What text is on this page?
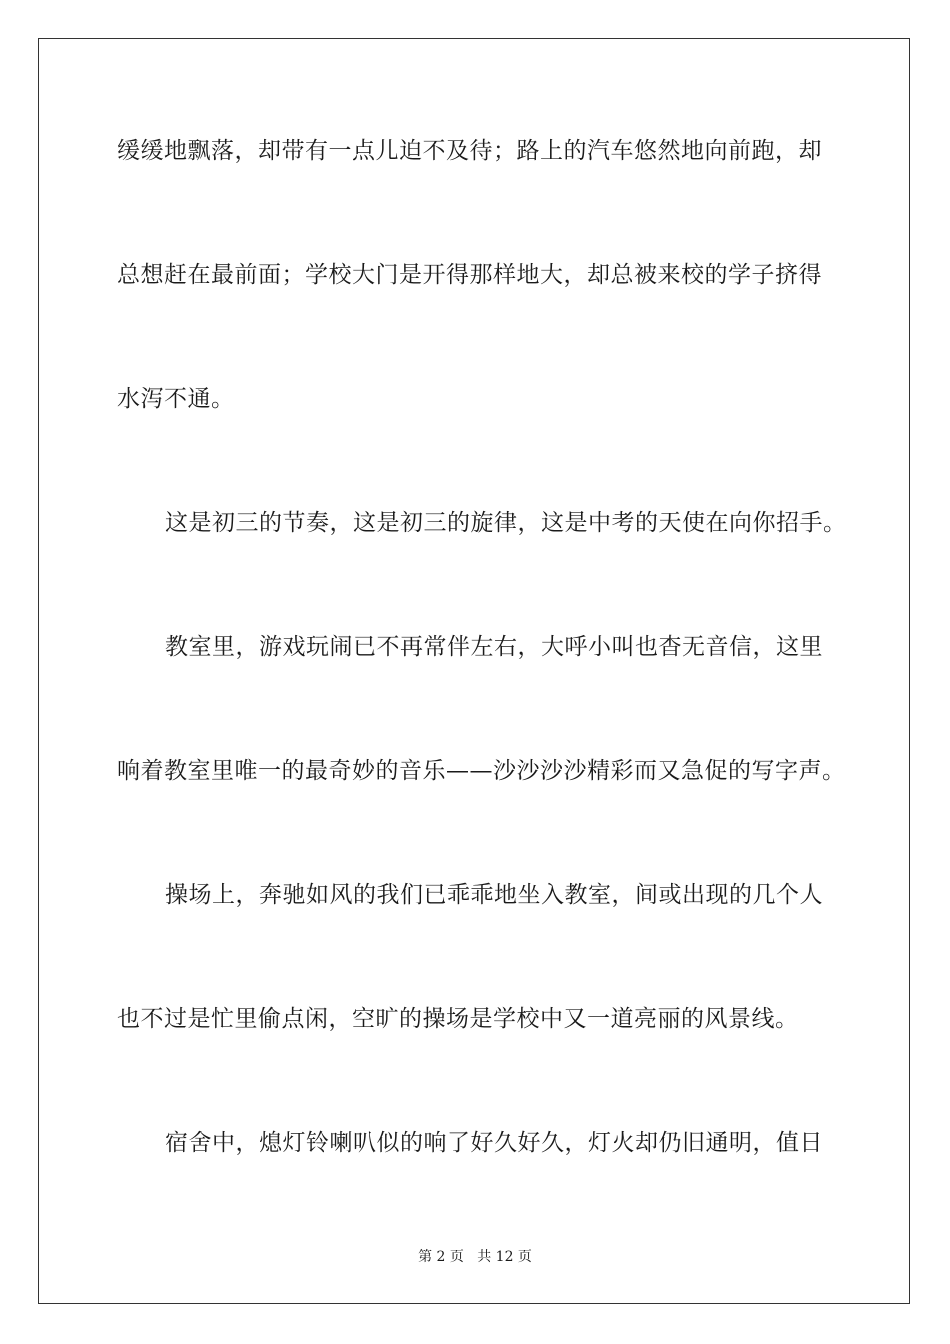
缓缓地飘落，却带有一点儿迫不及待；路上的汽车悠然地向前跑，却
总想赶在最前面；学校大门是开得那样地大，却总被来校的学子挤得
水泻不通。
这是初三的节奏，这是初三的旋律，这是中考的天使在向你招手。
教室里，游戏玩闹已不再常伴左右，大呼小叫也杳无音信，这里
响着教室里唯一的最奇妙的音乐——沙沙沙沙精彩而又急促的写字声。
操场上，奔驰如风的我们已乖乖地坐入教室，间或出现的几个人
也不过是忙里偷点闲，空旷的操场是学校中又一道亮丽的风景线。
宿舍中，熄灯铃喇叭似的响了好久好久，灯火却仍旧通明，值日
第 2 页   共 12 页
